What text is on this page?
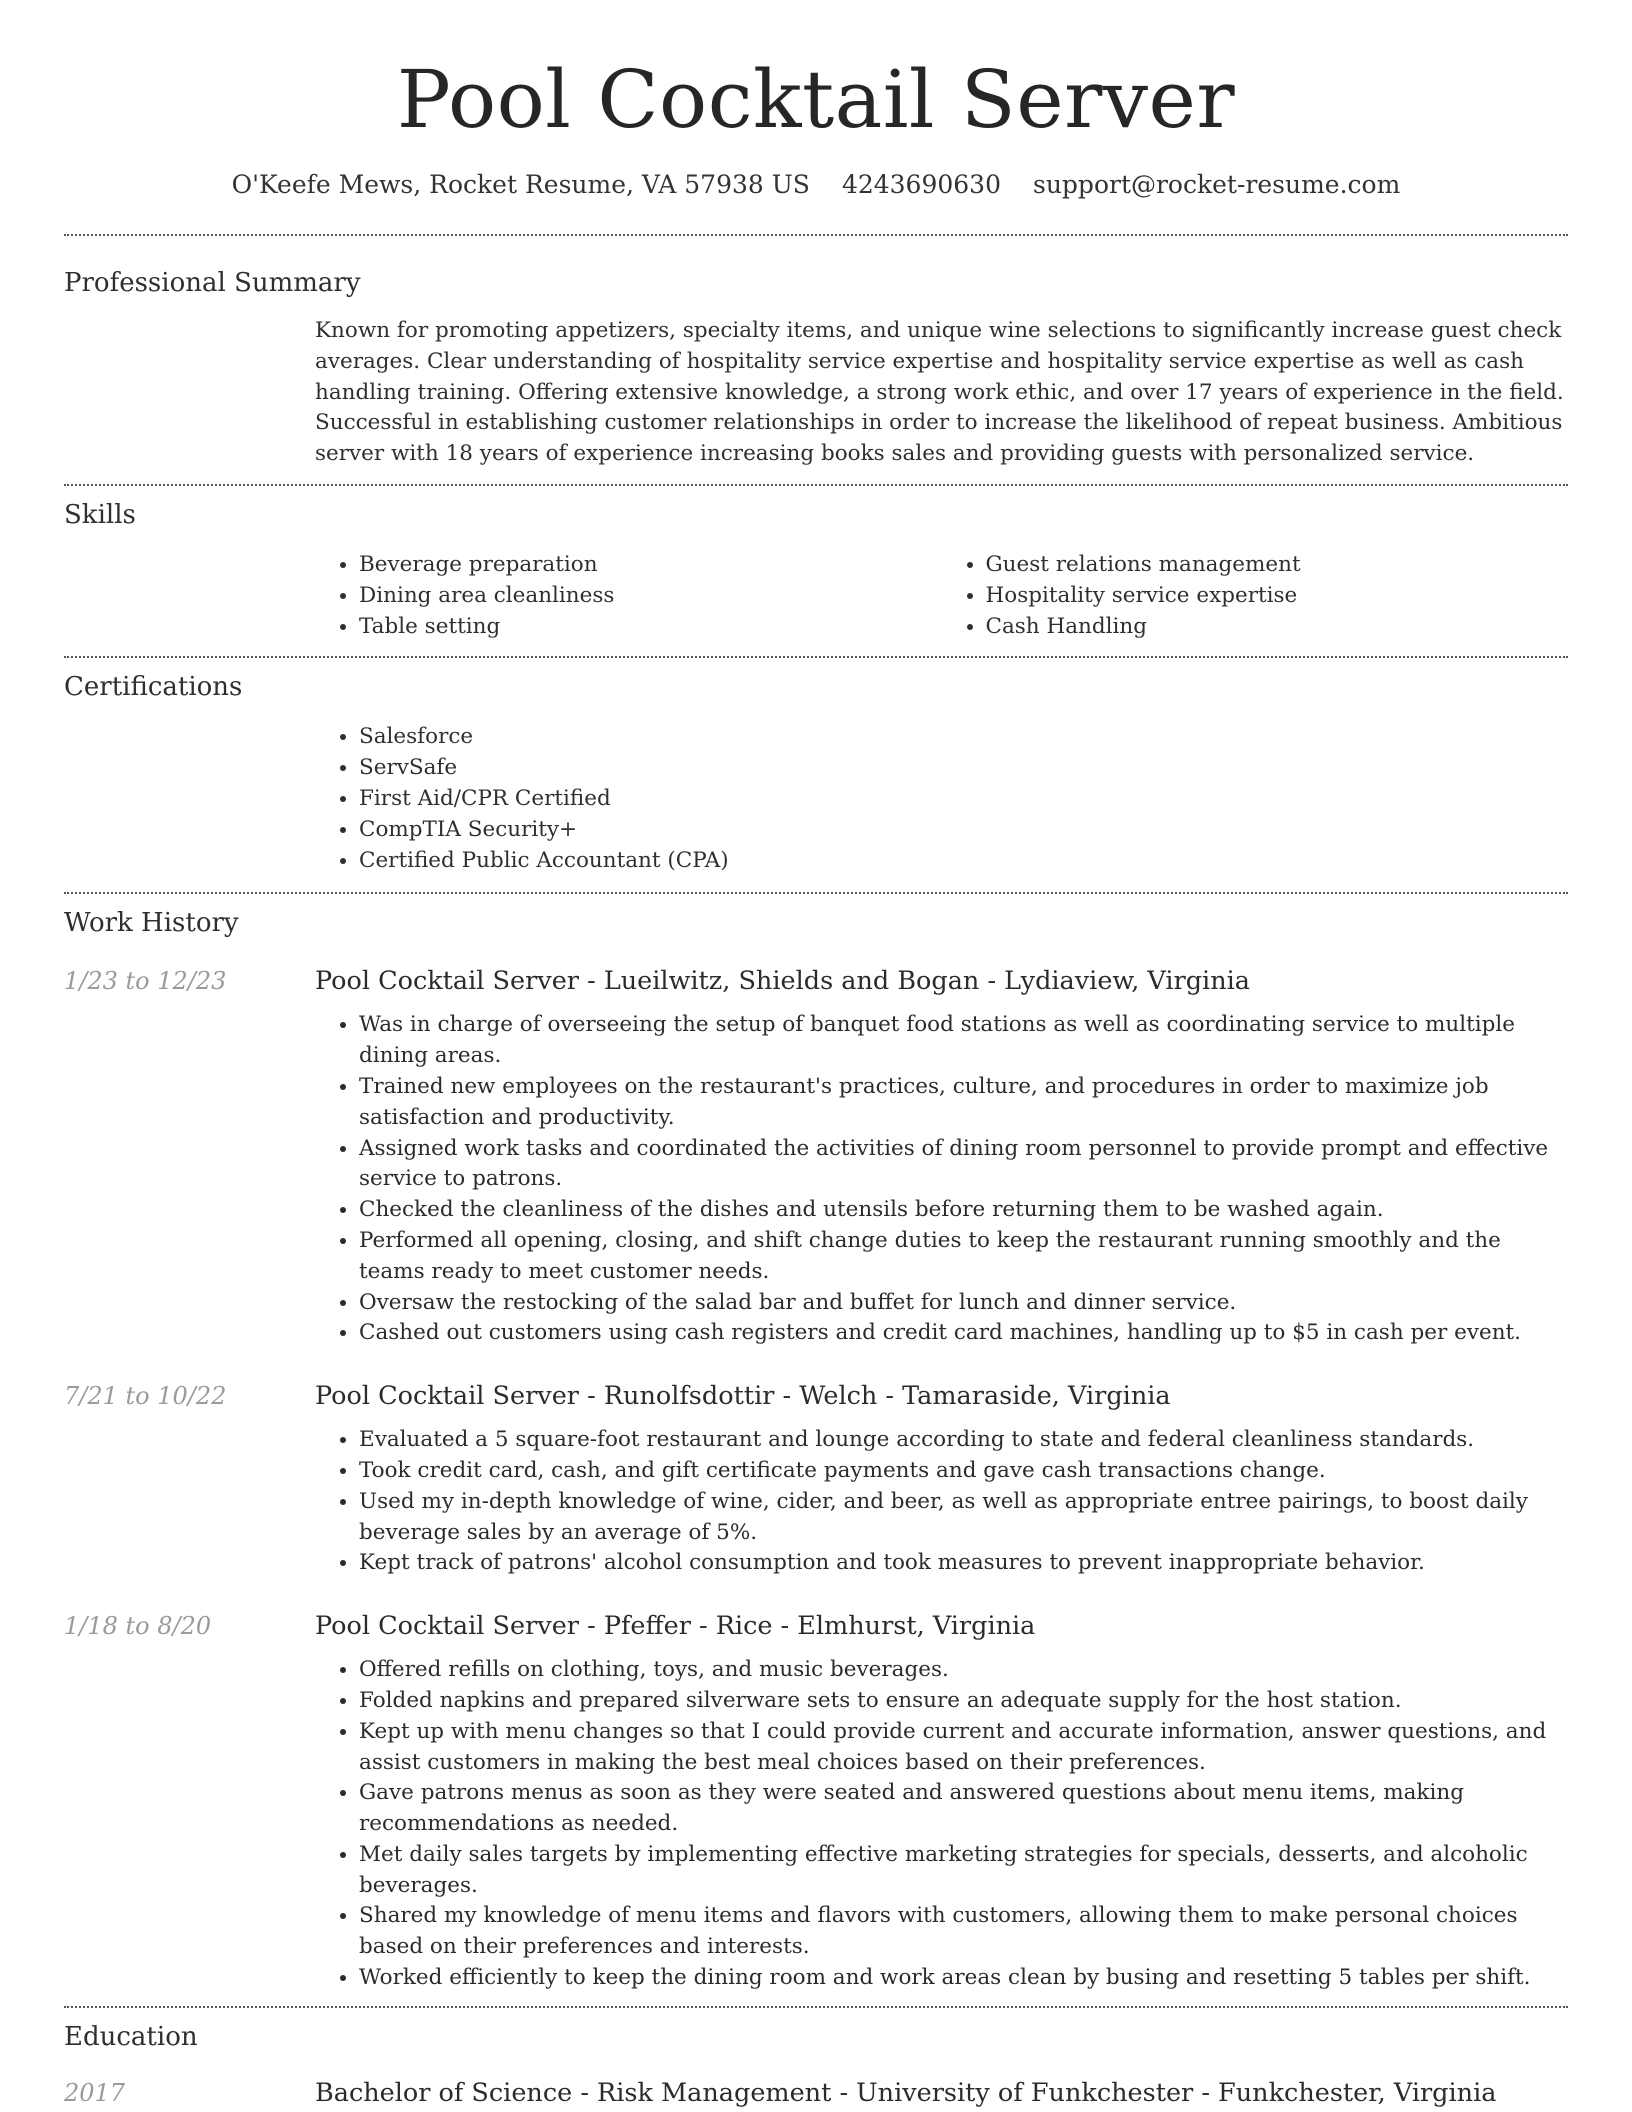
Pool Cocktail Server
O'Keefe Mews, Rocket Resume, VA 57938 US 4243690630 support@rocket-resume.com
Professional Summary

Known for promoting appetizers, specialty items, and unique wine selections to significantly increase guest check averages. Clear understanding of hospitality service expertise and hospitality service expertise as well as cash handling training. Offering extensive knowledge, a strong work ethic, and over 17 years of experience in the field. Successful in establishing customer relationships in order to increase the likelihood of repeat business. Ambitious server with 18 years of experience increasing books sales and providing guests with personalized service.

Skills
• Beverage preparation
• Dining area cleanliness
• Table setting
• Guest relations management
• Hospitality service expertise
• Cash Handling
Certifications
• Salesforce
• ServSafe
• First Aid/CPR Certified
• CompTIA Security+
• Certified Public Accountant (CPA)
Work History
1/23 to 12/23	Pool Cocktail Server - Lueilwitz, Shields and Bogan - Lydiaview, Virginia
• Was in charge of overseeing the setup of banquet food stations as well as coordinating service to multiple dining areas.
• Trained new employees on the restaurant's practices, culture, and procedures in order to maximize job satisfaction and productivity.
• Assigned work tasks and coordinated the activities of dining room personnel to provide prompt and effective service to patrons.
• Checked the cleanliness of the dishes and utensils before returning them to be washed again.
• Performed all opening, closing, and shift change duties to keep the restaurant running smoothly and the teams ready to meet customer needs.
• Oversaw the restocking of the salad bar and buffet for lunch and dinner service.
• Cashed out customers using cash registers and credit card machines, handling up to $5 in cash per event.
7/21 to 10/22	Pool Cocktail Server - Runolfsdottir - Welch - Tamaraside, Virginia
• Evaluated a 5 square-foot restaurant and lounge according to state and federal cleanliness standards.
• Took credit card, cash, and gift certificate payments and gave cash transactions change.
• Used my in-depth knowledge of wine, cider, and beer, as well as appropriate entree pairings, to boost daily beverage sales by an average of 5%.
• Kept track of patrons' alcohol consumption and took measures to prevent inappropriate behavior.
1/18 to 8/20	Pool Cocktail Server - Pfeffer - Rice - Elmhurst, Virginia
• Offered refills on clothing, toys, and music beverages.
• Folded napkins and prepared silverware sets to ensure an adequate supply for the host station.
• Kept up with menu changes so that I could provide current and accurate information, answer questions, and assist customers in making the best meal choices based on their preferences.
• Gave patrons menus as soon as they were seated and answered questions about menu items, making recommendations as needed.
• Met daily sales targets by implementing effective marketing strategies for specials, desserts, and alcoholic beverages.
• Shared my knowledge of menu items and flavors with customers, allowing them to make personal choices based on their preferences and interests.
• Worked efficiently to keep the dining room and work areas clean by busing and resetting 5 tables per shift.
Education
2017	Bachelor of Science - Risk Management - University of Funkchester - Funkchester, Virginia
